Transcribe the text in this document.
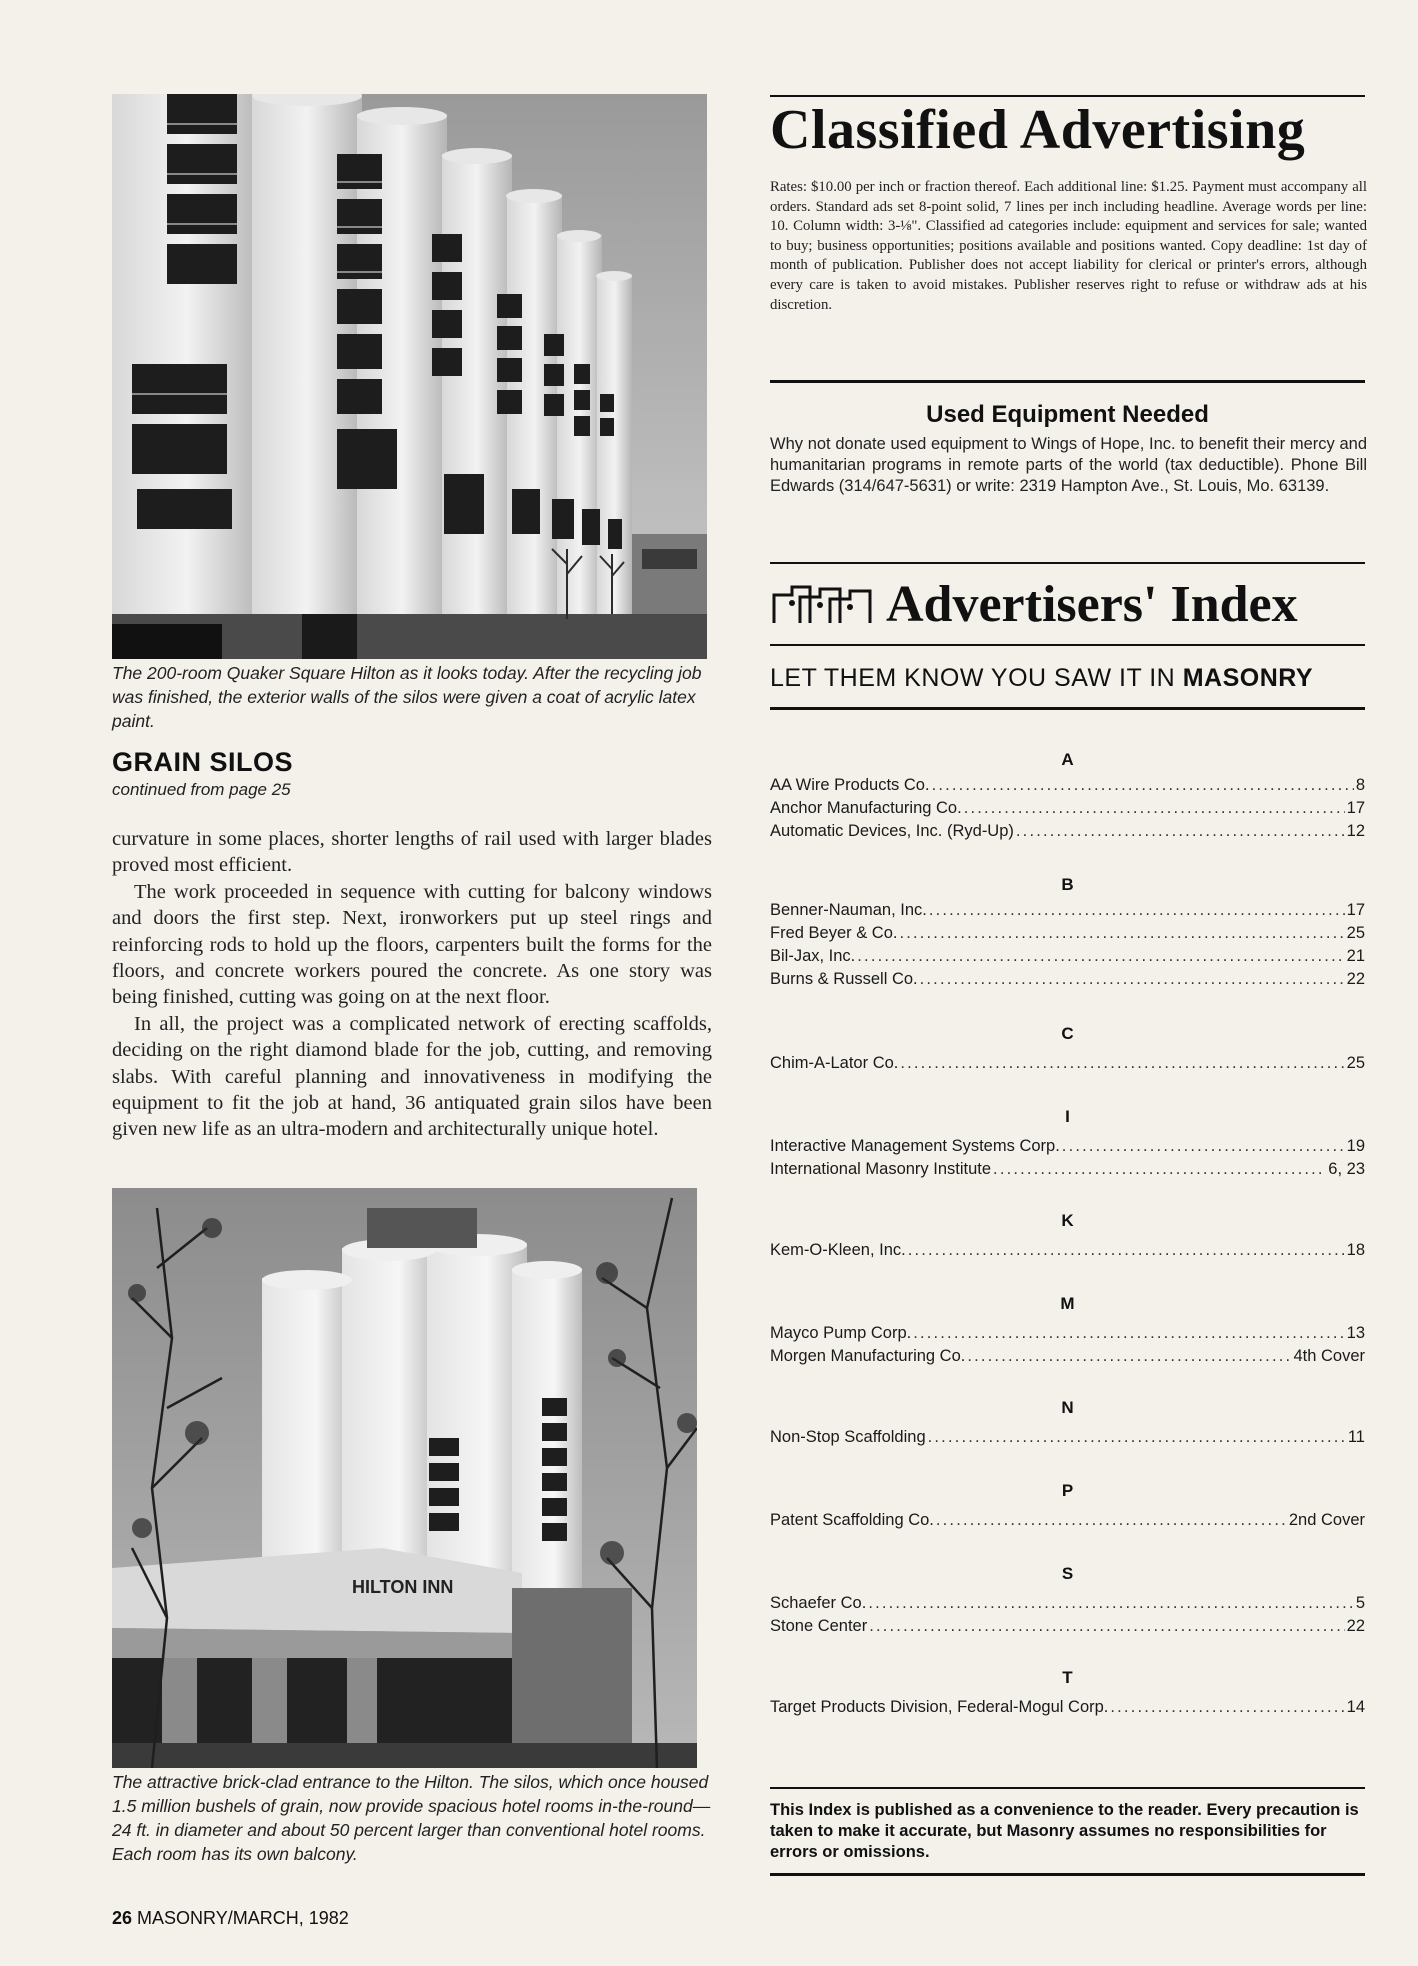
The 200-room Quaker Square Hilton as it looks today. After the recycling job was finished, the exterior walls of the silos were given a coat of acrylic latex paint.
GRAIN SILOS
continued from page 25

curvature in some places, shorter lengths of rail used with larger blades proved most efficient.

The work proceeded in sequence with cutting for balcony windows and doors the first step. Next, ironworkers put up steel rings and reinforcing rods to hold up the floors, carpenters built the forms for the floors, and concrete workers poured the concrete. As one story was being finished, cutting was going on at the next floor.

In all, the project was a complicated network of erecting scaffolds, deciding on the right diamond blade for the job, cutting, and removing slabs. With careful planning and innovativeness in modifying the equipment to fit the job at hand, 36 antiquated grain silos have been given new life as an ultra-modern and architecturally unique hotel.

HILTON INN
The attractive brick-clad entrance to the Hilton. The silos, which once housed 1.5 million bushels of grain, now provide spacious hotel rooms in-the-round—24 ft. in diameter and about 50 percent larger than conventional hotel rooms. Each room has its own balcony.
26 MASONRY/MARCH, 1982
Classified Advertising

Rates: $10.00 per inch or fraction thereof. Each additional line: $1.25. Payment must accompany all orders. Standard ads set 8-point solid, 7 lines per inch including headline. Average words per line: 10. Column width: 3-⅛". Classified ad categories include: equipment and services for sale; wanted to buy; business opportunities; positions available and positions wanted. Copy deadline: 1st day of month of publication. Publisher does not accept liability for clerical or printer's errors, although every care is taken to avoid mistakes. Publisher reserves right to refuse or withdraw ads at his discretion.

Used Equipment Needed

Why not donate used equipment to Wings of Hope, Inc. to benefit their mercy and humanitarian programs in remote parts of the world (tax deductible). Phone Bill Edwards (314/647-5631) or write: 2319 Hampton Ave., St. Louis, Mo. 63139.

Advertisers' Index
LET THEM KNOW YOU SAW IT IN MASONRY
A
AA Wire Products Co. . . .	8
Anchor Manufacturing Co. . . .	17
Automatic Devices, Inc. (Ryd-Up) . . .	12
B
Benner-Nauman, Inc. . . .	17
Fred Beyer & Co. . . .	25
Bil-Jax, Inc. . . .	21
Burns & Russell Co. . . .	22
C
Chim-A-Lator Co. . . .	25
I
Interactive Management Systems Corp. . . .	19
International Masonry Institute . . .	6, 23
K
Kem-O-Kleen, Inc. . . .	18
M
Mayco Pump Corp. . . .	13
Morgen Manufacturing Co. . . .	4th Cover
N
Non-Stop Scaffolding . . .	11
P
Patent Scaffolding Co. . . .	2nd Cover
S
Schaefer Co. . . .	5
Stone Center . . .	22
T
Target Products Division, Federal-Mogul Corp. . . .	14

This Index is published as a convenience to the reader. Every precaution is taken to make it accurate, but Masonry assumes no responsibilities for errors or omissions.
